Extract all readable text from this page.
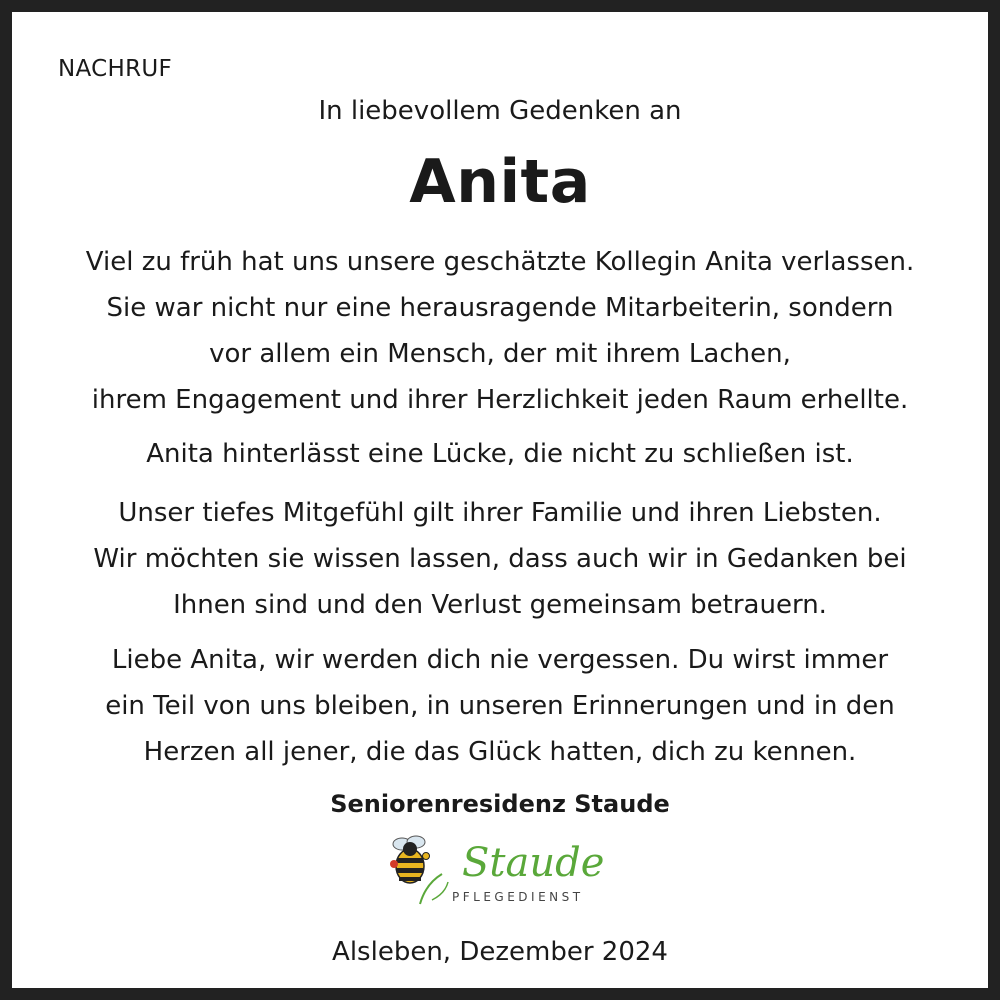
NACHRUF
In liebevollem Gedenken an
Anita
Viel zu früh hat uns unsere geschätzte Kollegin Anita verlassen.
Sie war nicht nur eine herausragende Mitarbeiterin, sondern
vor allem ein Mensch, der mit ihrem Lachen,
ihrem Engagement und ihrer Herzlichkeit jeden Raum erhellte.
Anita hinterlässt eine Lücke, die nicht zu schließen ist.
Unser tiefes Mitgefühl gilt ihrer Familie und ihren Liebsten.
Wir möchten sie wissen lassen, dass auch wir in Gedanken bei
Ihnen sind und den Verlust gemeinsam betrauern.
Liebe Anita, wir werden dich nie vergessen. Du wirst immer
ein Teil von uns bleiben, in unseren Erinnerungen und in den
Herzen all jener, die das Glück hatten, dich zu kennen.
Seniorenresidenz Staude
Staude
PFLEGEDIENST
Alsleben, Dezember 2024
